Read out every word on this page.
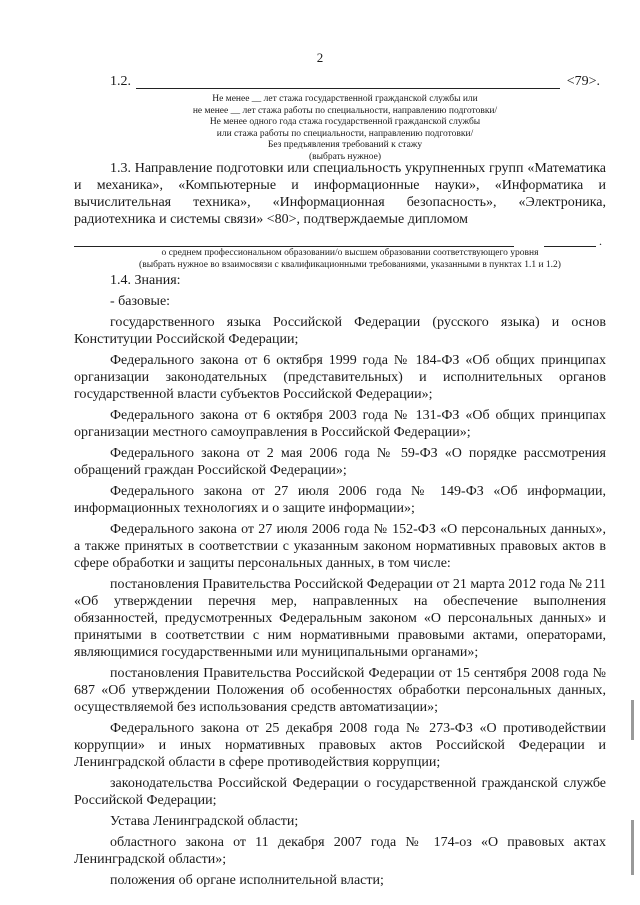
2
1.2.	<79>.
Не менее __ лет стажа государственной гражданской службы или
не менее __ лет стажа работы по специальности, направлению подготовки/
Не менее одного года стажа государственной гражданской службы
или стажа работы по специальности, направлению подготовки/
Без предъявления требований к стажу
(выбрать нужное)

1.3. Направление подготовки или специальность укрупненных групп «Математика и механика», «Компьютерные и информационные науки», «Информатика и вычислительная техника», «Информационная безопасность», «Электроника, радиотехника и системы связи» <80>, подтверждаемые дипломом

.
о среднем профессиональном образовании/о высшем образовании соответствующего уровня
(выбрать нужное во взаимосвязи с квалификационными требованиями, указанными в пунктах 1.1 и 1.2)

1.4. Знания:

- базовые:

государственного языка Российской Федерации (русского языка) и основ Конституции Российской Федерации;

Федерального закона от 6 октября 1999 года № 184-ФЗ «Об общих принципах организации законодательных (представительных) и исполнительных органов государственной власти субъектов Российской Федерации»;

Федерального закона от 6 октября 2003 года № 131-ФЗ «Об общих принципах организации местного самоуправления в Российской Федерации»;

Федерального закона от 2 мая 2006 года № 59-ФЗ «О порядке рассмотрения обращений граждан Российской Федерации»;

Федерального закона от 27 июля 2006 года № 149-ФЗ «Об информации, информационных технологиях и о защите информации»;

Федерального закона от 27 июля 2006 года № 152-ФЗ «О персональных данных», а также принятых в соответствии с указанным законом нормативных правовых актов в сфере обработки и защиты персональных данных, в том числе:

постановления Правительства Российской Федерации от 21 марта 2012 года № 211 «Об утверждении перечня мер, направленных на обеспечение выполнения обязанностей, предусмотренных Федеральным законом «О персональных данных» и принятыми в соответствии с ним нормативными правовыми актами, операторами, являющимися государственными или муниципальными органами»;

постановления Правительства Российской Федерации от 15 сентября 2008 года № 687 «Об утверждении Положения об особенностях обработки персональных данных, осуществляемой без использования средств автоматизации»;

Федерального закона от 25 декабря 2008 года № 273-ФЗ «О противодействии коррупции» и иных нормативных правовых актов Российской Федерации и Ленинградской области в сфере противодействия коррупции;

законодательства Российской Федерации о государственной гражданской службе Российской Федерации;

Устава Ленинградской области;

областного закона от 11 декабря 2007 года № 174-оз «О правовых актах Ленинградской области»;

положения об органе исполнительной власти;
